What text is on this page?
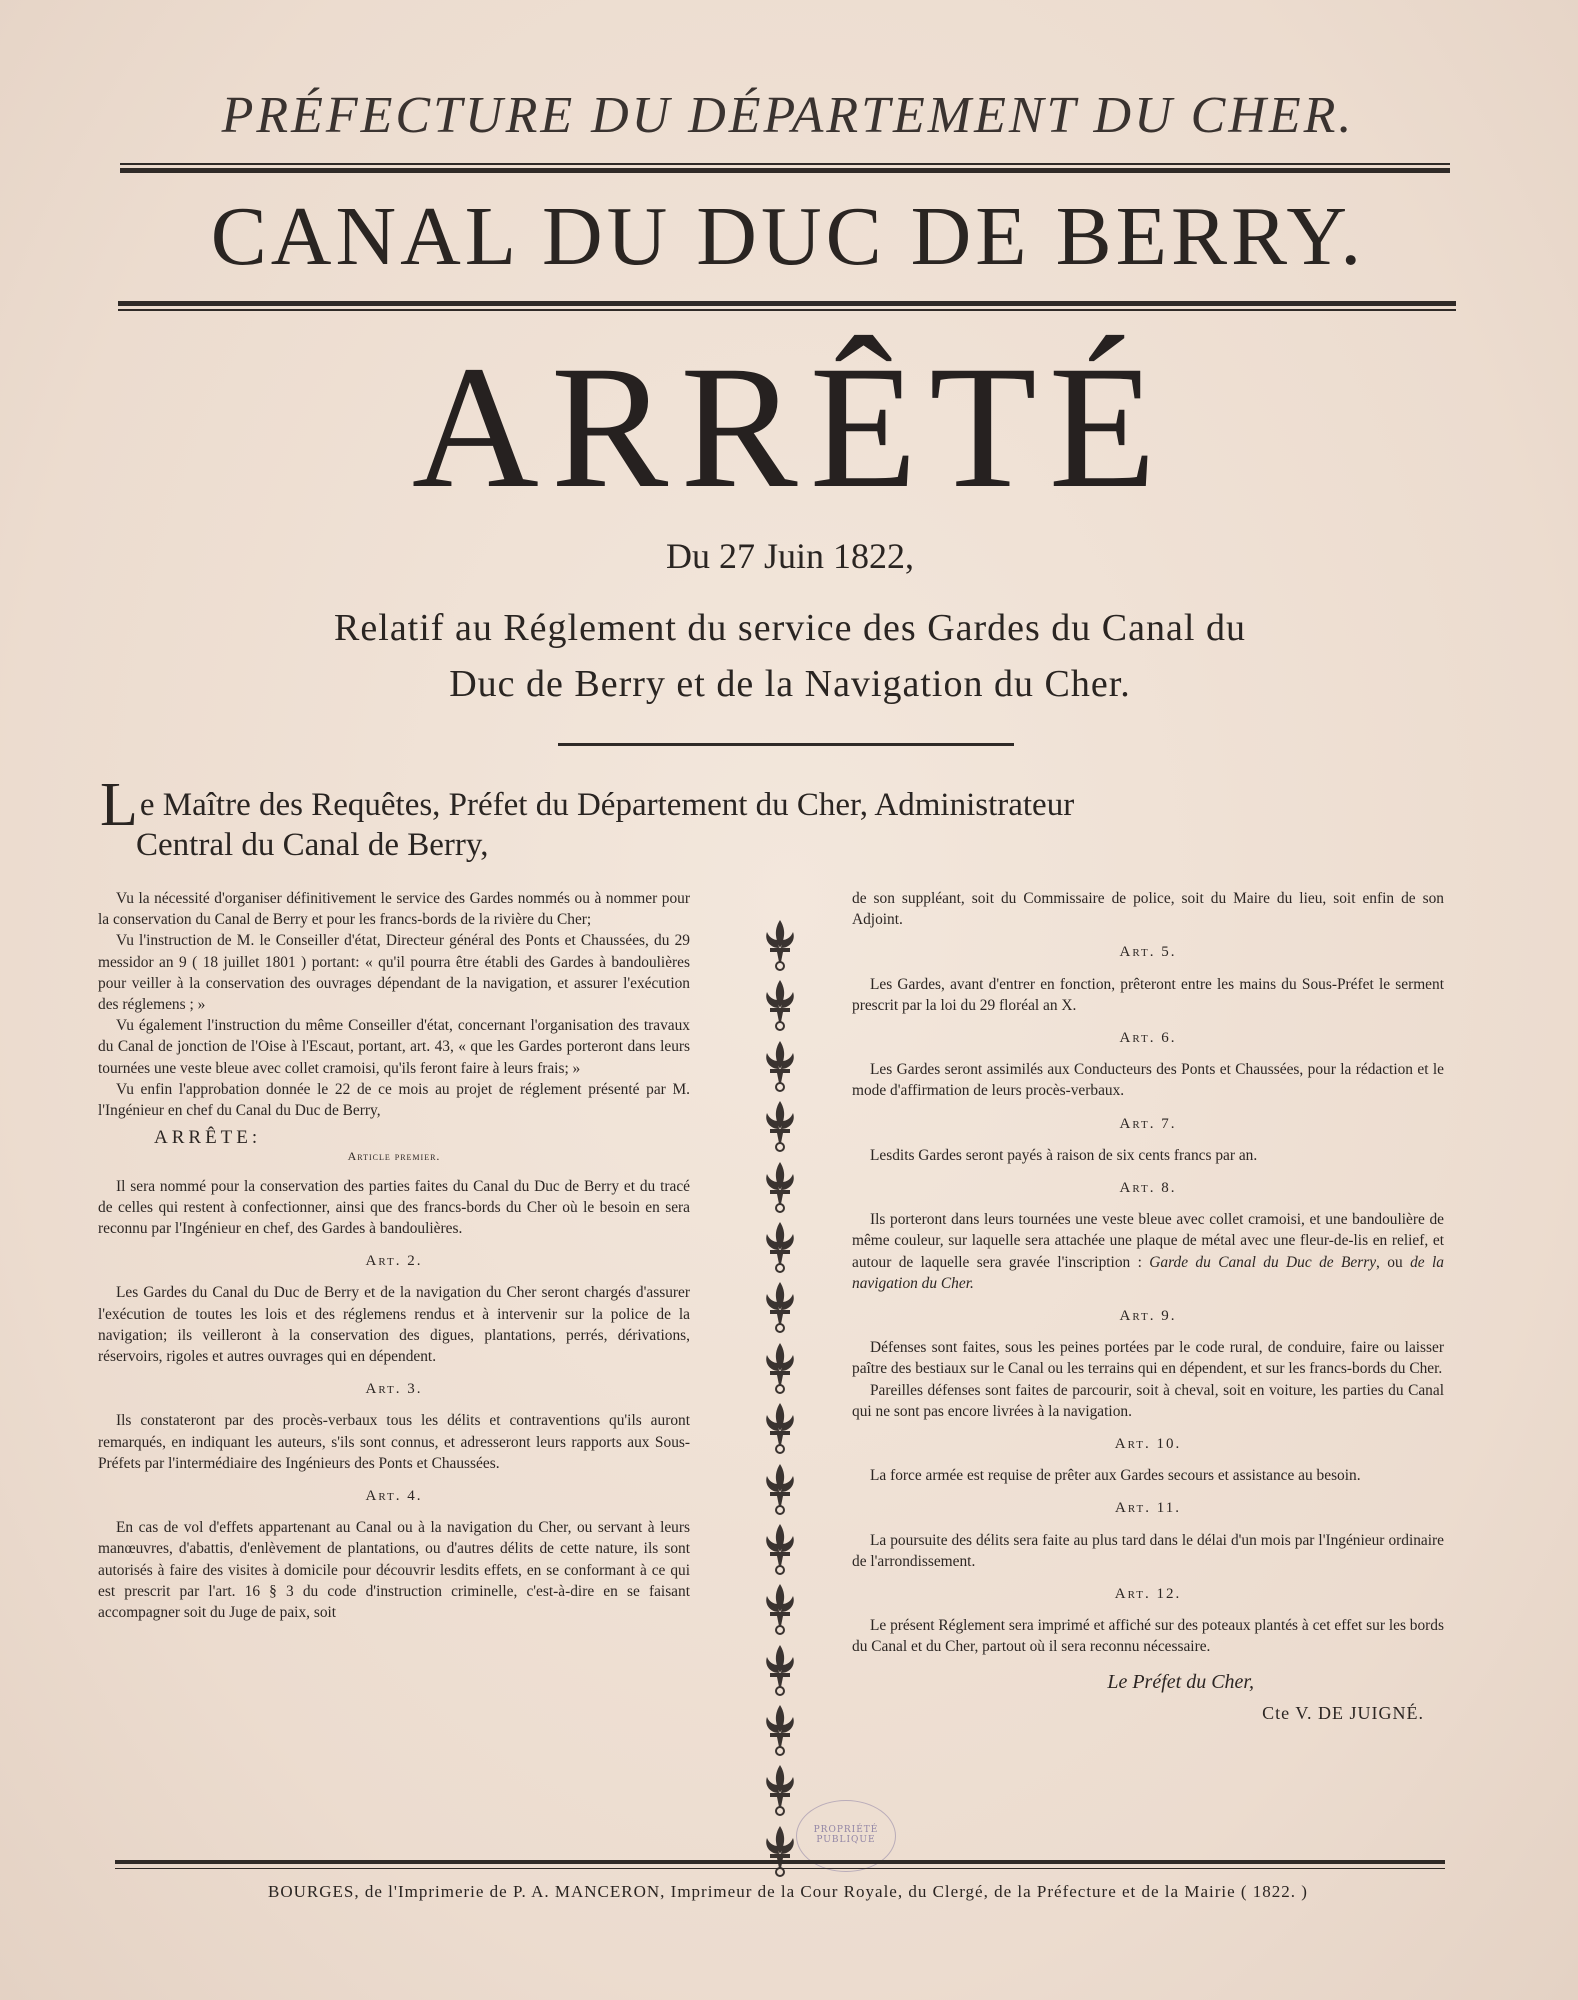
PRÉFECTURE DU DÉPARTEMENT DU CHER.
CANAL DU DUC DE BERRY.
ARRÊTÉ
Du 27 Juin 1822,
Relatif au Réglement du service des Gardes du Canal du
Duc de Berry et de la Navigation du Cher.
Le Maître des Requêtes, Préfet du Département du Cher, Administrateur
Central du Canal de Berry,

Vu la nécessité d'organiser définitivement le service des Gardes nommés ou à nommer pour la conservation du Canal de Berry et pour les francs-bords de la rivière du Cher;

Vu l'instruction de M. le Conseiller d'état, Directeur général des Ponts et Chaussées, du 29 messidor an 9 ( 18 juillet 1801 ) portant: « qu'il pourra être établi des Gardes à bandoulières pour veiller à la conservation des ouvrages dépendant de la navigation, et assurer l'exécution des réglemens ; »

Vu également l'instruction du même Conseiller d'état, concernant l'organisation des travaux du Canal de jonction de l'Oise à l'Escaut, portant, art. 43, « que les Gardes porteront dans leurs tournées une veste bleue avec collet cramoisi, qu'ils feront faire à leurs frais; »

Vu enfin l'approbation donnée le 22 de ce mois au projet de réglement présenté par M. l'Ingénieur en chef du Canal du Duc de Berry,

ARRÊTE:

Article premier.

Il sera nommé pour la conservation des parties faites du Canal du Duc de Berry et du tracé de celles qui restent à confectionner, ainsi que des francs-bords du Cher où le besoin en sera reconnu par l'Ingénieur en chef, des Gardes à bandoulières.

Art. 2.

Les Gardes du Canal du Duc de Berry et de la navigation du Cher seront chargés d'assurer l'exécution de toutes les lois et des réglemens rendus et à intervenir sur la police de la navigation; ils veilleront à la conservation des digues, plantations, perrés, dérivations, réservoirs, rigoles et autres ouvrages qui en dépendent.

Art. 3.

Ils constateront par des procès-verbaux tous les délits et contraventions qu'ils auront remarqués, en indiquant les auteurs, s'ils sont connus, et adresseront leurs rapports aux Sous-Préfets par l'intermédiaire des Ingénieurs des Ponts et Chaussées.

Art. 4.

En cas de vol d'effets appartenant au Canal ou à la navigation du Cher, ou servant à leurs manœuvres, d'abattis, d'enlèvement de plantations, ou d'autres délits de cette nature, ils sont autorisés à faire des visites à domicile pour découvrir lesdits effets, en se conformant à ce qui est prescrit par l'art. 16 § 3 du code d'instruction criminelle, c'est-à-dire en se faisant accompagner soit du Juge de paix, soit

de son suppléant, soit du Commissaire de police, soit du Maire du lieu, soit enfin de son Adjoint.

Art. 5.

Les Gardes, avant d'entrer en fonction, prêteront entre les mains du Sous-Préfet le serment prescrit par la loi du 29 floréal an X.

Art. 6.

Les Gardes seront assimilés aux Conducteurs des Ponts et Chaussées, pour la rédaction et le mode d'affirmation de leurs procès-verbaux.

Art. 7.

Lesdits Gardes seront payés à raison de six cents francs par an.

Art. 8.

Ils porteront dans leurs tournées une veste bleue avec collet cramoisi, et une bandoulière de même couleur, sur laquelle sera attachée une plaque de métal avec une fleur-de-lis en relief, et autour de laquelle sera gravée l'inscription : Garde du Canal du Duc de Berry, ou de la navigation du Cher.

Art. 9.

Défenses sont faites, sous les peines portées par le code rural, de conduire, faire ou laisser paître des bestiaux sur le Canal ou les terrains qui en dépendent, et sur les francs-bords du Cher.

Pareilles défenses sont faites de parcourir, soit à cheval, soit en voiture, les parties du Canal qui ne sont pas encore livrées à la navigation.

Art. 10.

La force armée est requise de prêter aux Gardes secours et assistance au besoin.

Art. 11.

La poursuite des délits sera faite au plus tard dans le délai d'un mois par l'Ingénieur ordinaire de l'arrondissement.

Art. 12.

Le présent Réglement sera imprimé et affiché sur des poteaux plantés à cet effet sur les bords du Canal et du Cher, partout où il sera reconnu nécessaire.

Le Préfet du Cher,
Cte V. DE JUIGNÉ.
PROPRIÉTÉ PUBLIQUE
BOURGES, de l'Imprimerie de P. A. MANCERON, Imprimeur de la Cour Royale, du Clergé, de la Préfecture et de la Mairie ( 1822. )
